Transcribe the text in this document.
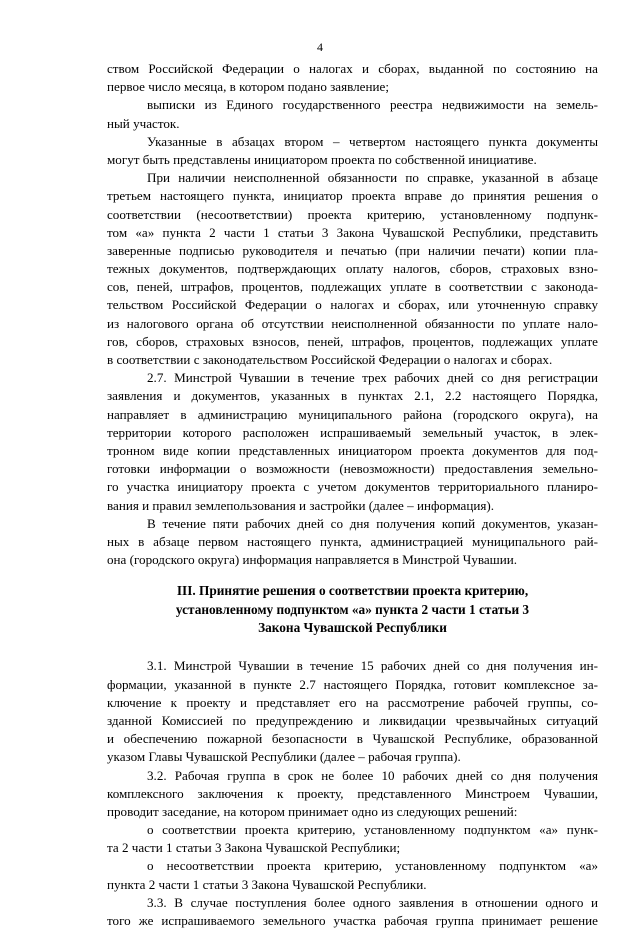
4
ством Российской Федерации о налогах и сборах, выданной по состоянию на
первое число месяца, в котором подано заявление;
выписки из Единого государственного реестра недвижимости на земель-
ный участок.
Указанные в абзацах втором – четвертом настоящего пункта документы
могут быть представлены инициатором проекта по собственной инициативе.
При наличии неисполненной обязанности по справке, указанной в абзаце
третьем настоящего пункта, инициатор проекта вправе до принятия решения о
соответствии (несоответствии) проекта критерию, установленному подпунк-
том «а» пункта 2 части 1 статьи 3 Закона Чувашской Республики, представить
заверенные подписью руководителя и печатью (при наличии печати) копии пла-
тежных документов, подтверждающих оплату налогов, сборов, страховых взно-
сов, пеней, штрафов, процентов, подлежащих уплате в соответствии с законода-
тельством Российской Федерации о налогах и сборах, или уточненную справку
из налогового органа об отсутствии неисполненной обязанности по уплате нало-
гов, сборов, страховых взносов, пеней, штрафов, процентов, подлежащих уплате
в соответствии с законодательством Российской Федерации о налогах и сборах.
2.7. Минстрой Чувашии в течение трех рабочих дней со дня регистрации
заявления и документов, указанных в пунктах 2.1, 2.2 настоящего Порядка,
направляет в администрацию муниципального района (городского округа), на
территории которого расположен испрашиваемый земельный участок, в элек-
тронном виде копии представленных инициатором проекта документов для под-
готовки информации о возможности (невозможности) предоставления земельно-
го участка инициатору проекта с учетом документов территориального планиро-
вания и правил землепользования и застройки (далее – информация).
В течение пяти рабочих дней со дня получения копий документов, указан-
ных в абзаце первом настоящего пункта, администрацией муниципального рай-
она (городского округа) информация направляется в Минстрой Чувашии.
III. Принятие решения о соответствии проекта критерию,
установленному подпунктом «а» пункта 2 части 1 статьи 3
Закона Чувашской Республики
3.1. Минстрой Чувашии в течение 15 рабочих дней со дня получения ин-
формации, указанной в пункте 2.7 настоящего Порядка, готовит комплексное за-
ключение к проекту и представляет его на рассмотрение рабочей группы, со-
зданной Комиссией по предупреждению и ликвидации чрезвычайных ситуаций
и обеспечению пожарной безопасности в Чувашской Республике, образованной
указом Главы Чувашской Республики (далее – рабочая группа).
3.2. Рабочая группа в срок не более 10 рабочих дней со дня получения
комплексного заключения к проекту, представленного Минстроем Чувашии,
проводит заседание, на котором принимает одно из следующих решений:
о соответствии проекта критерию, установленному подпунктом «а» пунк-
та 2 части 1 статьи 3 Закона Чувашской Республики;
о несоответствии проекта критерию, установленному подпунктом «а»
пункта 2 части 1 статьи 3 Закона Чувашской Республики.
3.3. В случае поступления более одного заявления в отношении одного и
того же испрашиваемого земельного участка рабочая группа принимает решение
